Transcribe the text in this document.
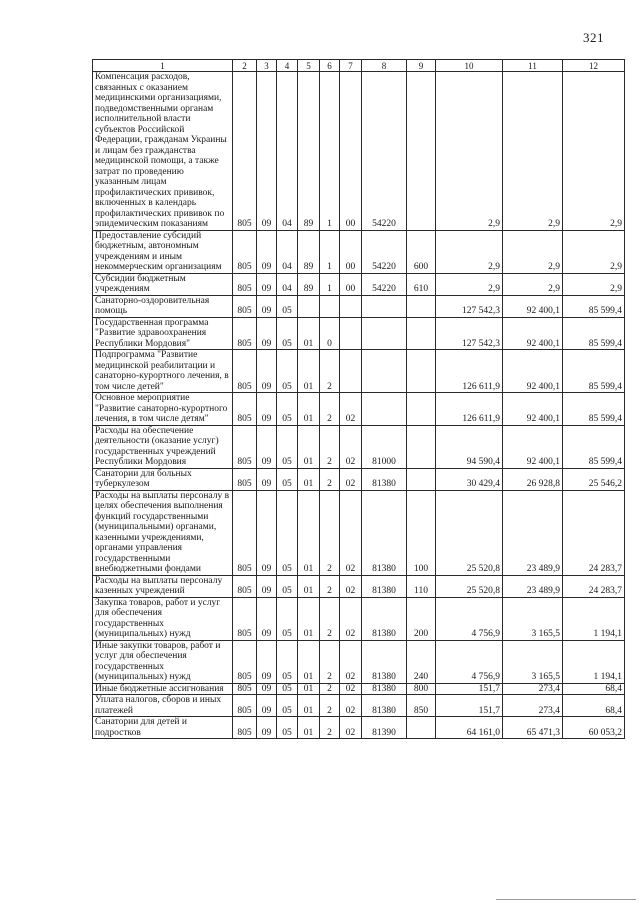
321
1	2	3	4	5	6	7	8	9	10	11	12
Компенсация расходов, связанных с оказанием медицинскими организациями, подведомственными органам исполнительной власти субъектов Российской Федерации, гражданам Украины и лицам без гражданства медицинской помощи, а также затрат по проведению указанным лицам профилактических прививок, включенных в календарь профилактических прививок по эпидемическим показаниям	805	09	04	89	1	00	54220		2,9	2,9	2,9
Предоставление субсидий бюджетным, автономным учреждениям и иным некоммерческим организациям	805	09	04	89	1	00	54220	600	2,9	2,9	2,9
Субсидии бюджетным учреждениям	805	09	04	89	1	00	54220	610	2,9	2,9	2,9
Санаторно-оздоровительная помощь	805	09	05						127 542,3	92 400,1	85 599,4
Государственная программа "Развитие здравоохранения Республики Мордовия"	805	09	05	01	0				127 542,3	92 400,1	85 599,4
Подпрограмма "Развитие медицинской реабилитации и санаторно-курортного лечения, в том числе детей"	805	09	05	01	2				126 611,9	92 400,1	85 599,4
Основное мероприятие "Развитие санаторно-курортного лечения, в том числе детям"	805	09	05	01	2	02			126 611,9	92 400,1	85 599,4
Расходы на обеспечение деятельности (оказание услуг) государственных учреждений Республики Мордовия	805	09	05	01	2	02	81000		94 590,4	92 400,1	85 599,4
Санатории для больных туберкулезом	805	09	05	01	2	02	81380		30 429,4	26 928,8	25 546,2
Расходы на выплаты персоналу в целях обеспечения выполнения функций государственными (муниципальными) органами, казенными учреждениями, органами управления государственными внебюджетными фондами	805	09	05	01	2	02	81380	100	25 520,8	23 489,9	24 283,7
Расходы на выплаты персоналу казенных учреждений	805	09	05	01	2	02	81380	110	25 520,8	23 489,9	24 283,7
Закупка товаров, работ и услуг для обеспечения государственных (муниципальных) нужд	805	09	05	01	2	02	81380	200	4 756,9	3 165,5	1 194,1
Иные закупки товаров, работ и услуг для обеспечения государственных (муниципальных) нужд	805	09	05	01	2	02	81380	240	4 756,9	3 165,5	1 194,1
Иные бюджетные ассигнования	805	09	05	01	2	02	81380	800	151,7	273,4	68,4
Уплата налогов, сборов и иных платежей	805	09	05	01	2	02	81380	850	151,7	273,4	68,4
Санатории для детей и подростков	805	09	05	01	2	02	81390		64 161,0	65 471,3	60 053,2
